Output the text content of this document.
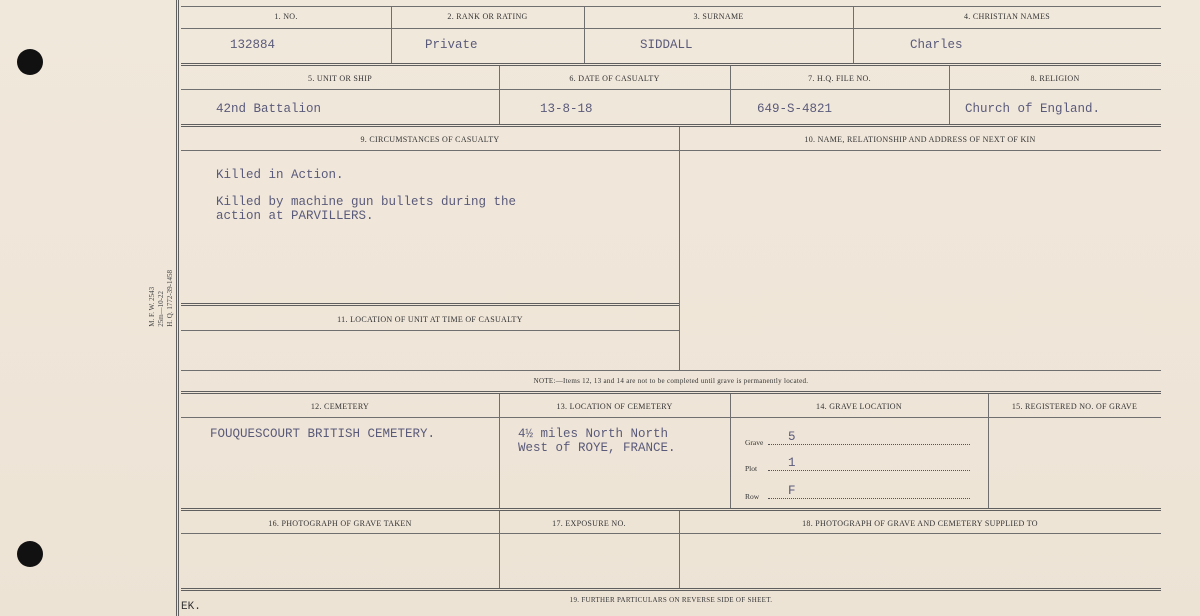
M. F. W. 2543
25m—10-22
H. Q. 1772-39-1458
1. NO.	2. RANK OR RATING	3. SURNAME	4. CHRISTIAN NAMES
132884	Private	SIDDALL	Charles
5. UNIT OR SHIP	6. DATE OF CASUALTY	7. H.Q. FILE NO.	8. RELIGION
42nd Battalion	13-8-18	649-S-4821	Church of England.
9. CIRCUMSTANCES OF CASUALTY	10. NAME, RELATIONSHIP AND ADDRESS OF NEXT OF KIN
Killed in Action.
Killed by machine gun bullets during the
action at PARVILLERS.
11. LOCATION OF UNIT AT TIME OF CASUALTY
NOTE:—Items 12, 13 and 14 are not to be completed until grave is permanently located.
12. CEMETERY	13. LOCATION OF CEMETERY	14. GRAVE LOCATION	15. REGISTERED NO. OF GRAVE
FOUQUESCOURT BRITISH CEMETERY.	4½ miles North North
West of ROYE, FRANCE.	Grave 5
Plot 1
Row F
16. PHOTOGRAPH OF GRAVE TAKEN	17. EXPOSURE NO.	18. PHOTOGRAPH OF GRAVE AND CEMETERY SUPPLIED TO
19. FURTHER PARTICULARS ON REVERSE SIDE OF SHEET.
EK.
